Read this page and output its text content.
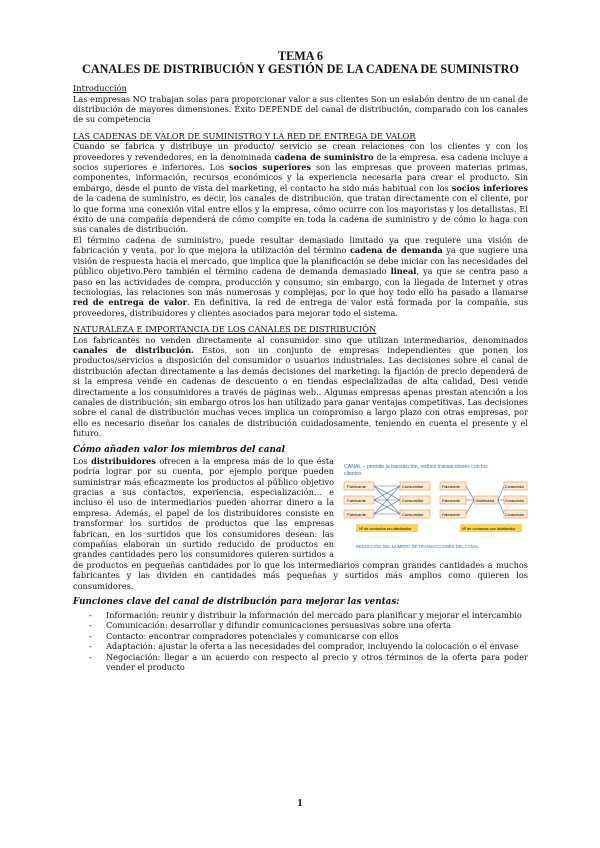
TEMA 6
CANALES DE DISTRIBUCIÓN Y GESTIÓN DE LA CADENA DE SUMINISTRO
Introducción

Las empresas NO trabajan solas para proporcionar valor a sus clientes Son un eslabón dentro de un canal de distribución de mayores dimensiones. Éxito DEPENDE del canal de distribución, comparado con los canales de su competencia

LAS CADENAS DE VALOR DE SUMINISTRO Y LA RED DE ENTREGA DE VALOR

Cuando se fabrica y distribuye un producto/ servicio se crean relaciones con los clientes y con los proveedores y revendedores, en la denominada cadena de suministro de la empresa. esa cadena incluye a socios superiores e inferiores. Los socios superiores son las empresas que proveen materias primas, componentes, información, recursos económicos y la experiencia necesaria para crear el producto. Sin embargo, desde el punto de vista del marketing, el contacto ha sido más habitual con los socios inferiores de la cadena de suministro, es decir, los canales de distribución, que tratan directamente con el cliente, por lo que forma una conexión vital entre ellos y la empresa, cómo ocurre con los mayoristas y los detallistas. El éxito de una compañía dependerá de cómo compite en toda la cadena de suministro y de cómo lo haga con sus canales de distribución.

El término cadena de suministro, puede resultar demasiado limitado ya que requiere una visión de fabricación y venta, por lo que mejora la utilización del término cadena de demanda ya que sugiere una visión de respuesta hacia el mercado, que implica que la planificación se debe iniciar con las necesidades del público objetivo.Pero también el término cadena de demanda demasiado lineal, ya que se centra paso a paso en las actividades de compra, producción y consumo; sin embargo, con la llegada de Internet y otras tecnologías, las relaciones son más numerosas y complejas, por lo que hoy todo ello ha pasado a llamarse red de entrega de valor. En definitiva, la red de entrega de valor está formada por la compañía, sus proveedores, distribuidores y clientes asociados para mejorar todo el sistema.

NATURALEZA E IMPORTANCIA DE LOS CANALES DE DISTRIBUCIÓN

Los fabricantes no venden directamente al consumidor sino que utilizan intermediarios, denominados canales de distribución. Estos, son un conjunto de empresas independientes que ponen los productos/servicios a disposición del consumidor o usuarios industriales. Las decisiones sobre el canal de distribución afectan directamente a las demás decisiones del marketing: la fijación de precio dependerá de si la empresa vende en cadenas de descuento o en tiendas especializadas de alta calidad, Desi vende directamente a los consumidores a través de páginas web.. Algunas empresas apenas prestan atención a los canales de distribución; sin embargo otros los han utilizado para ganar ventajas competitivas. Las decisiones sobre el canal de distribución muchas veces implica un compromiso a largo plazo con otras empresas, por ello es necesario diseñar los canales de distribución cuidadosamente, teniendo en cuenta el presente y el futuro.

Cómo añaden valor los miembros del canal
CANAL – permite la transacción, reduce transacciones con los
clientes
Fabricante
Fabricante
Fabricante
Consumidor
Consumidor
Consumidor
Fabricante
Fabricante
Fabricante
Distribuidor
Consumidor
Consumidor
Consumidor
Nº de contactos sin distribuidor	Nº de contactos con distribuidor
REDUCCIÓN DEL NÚMERO DE TRANSACCIONES DEL CANAL

Los distribuidores ofrecen a la empresa más de lo que ésta podría lograr por su cuenta, por ejemplo porque pueden suministrar más eficazmente los productos al público objetivo gracias a sus contactos, experiencia, especialización… e incluso el uso de intermediarios pueden ahorrar dinero a la empresa. Además, el papel de los distribuidores consiste en transformar los surtidos de productos que las empresas fabrican, en los surtidos que los consumidores desean: las compañías elaboran un surtido reducido de productos en grandes cantidades pero los consumidores quieren surtidos a de productos en pequeñas cantidades por lo que los intermediarios compran grandes cantidades a muchos fabricantes y las dividen en cantidades más pequeñas y surtidos más amplios como quieren los consumidores.

Funciones clave del canal de distribución para mejorar las ventas:
- Información: reunir y distribuir la información del mercado para planificar y mejorar el intercambio
- Comunicación: desarrollar y difundir comunicaciones persuasivas sobre una oferta
- Contacto: encontrar compradores potenciales y comunicarse con ellos
- Adaptación: ajustar la oferta a las necesidades del comprador, incluyendo la colocación o el envase
- Negociación: llegar a un acuerdo con respecto al precio y otros términos de la oferta para poder vender el producto
1
